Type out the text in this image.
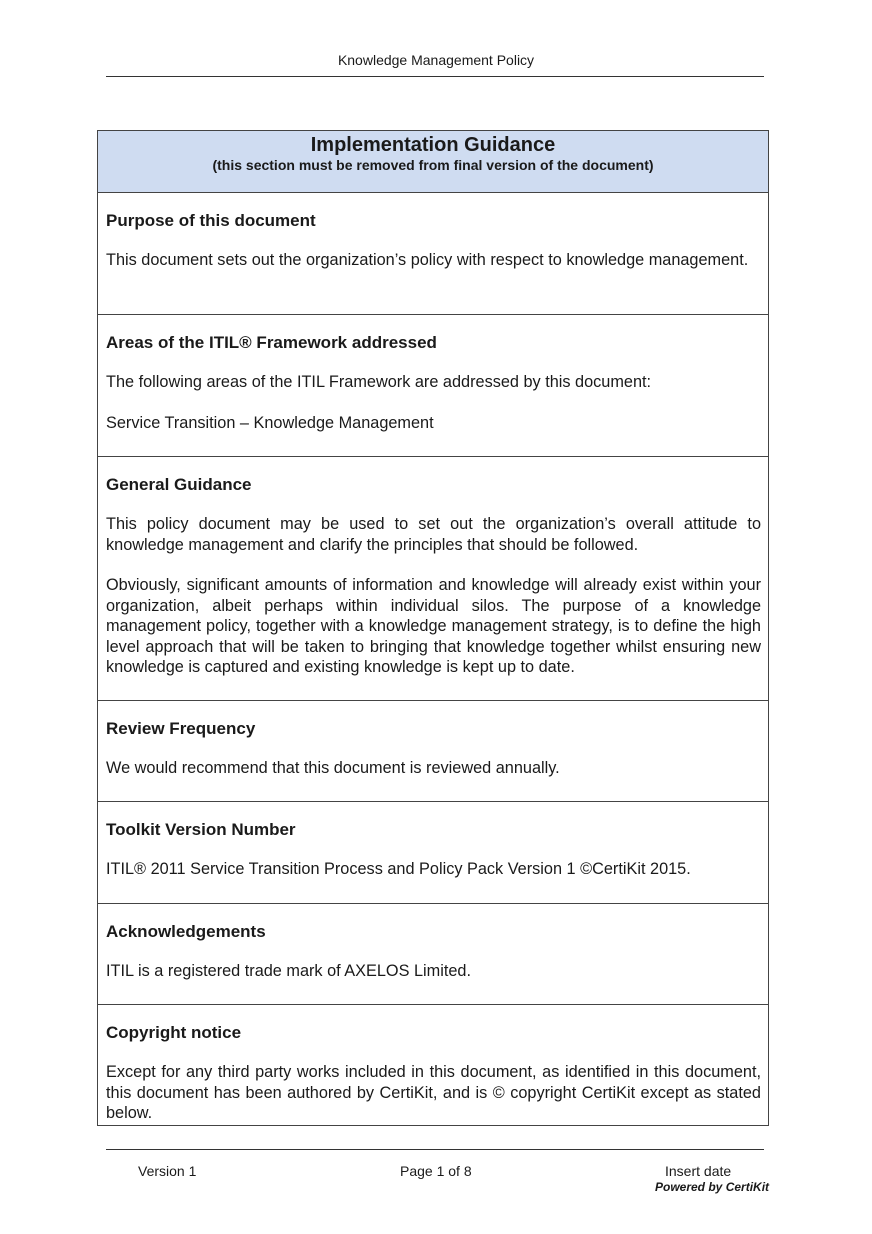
Knowledge Management Policy
Implementation Guidance
(this section must be removed from final version of the document)
Purpose of this document

This document sets out the organization’s policy with respect to knowledge management.

Areas of the ITIL® Framework addressed

The following areas of the ITIL Framework are addressed by this document:

Service Transition – Knowledge Management

General Guidance

This policy document may be used to set out the organization’s overall attitude to knowledge management and clarify the principles that should be followed.

Obviously, significant amounts of information and knowledge will already exist within your organization, albeit perhaps within individual silos. The purpose of a knowledge management policy, together with a knowledge management strategy, is to define the high level approach that will be taken to bringing that knowledge together whilst ensuring new knowledge is captured and existing knowledge is kept up to date.

Review Frequency

We would recommend that this document is reviewed annually.

Toolkit Version Number

ITIL® 2011 Service Transition Process and Policy Pack Version 1 ©CertiKit 2015.

Acknowledgements

ITIL is a registered trade mark of AXELOS Limited.

Copyright notice

Except for any third party works included in this document, as identified in this document, this document has been authored by CertiKit, and is © copyright CertiKit except as stated below.

Version 1	Page 1 of 8	Insert date
Powered by CertiKit
